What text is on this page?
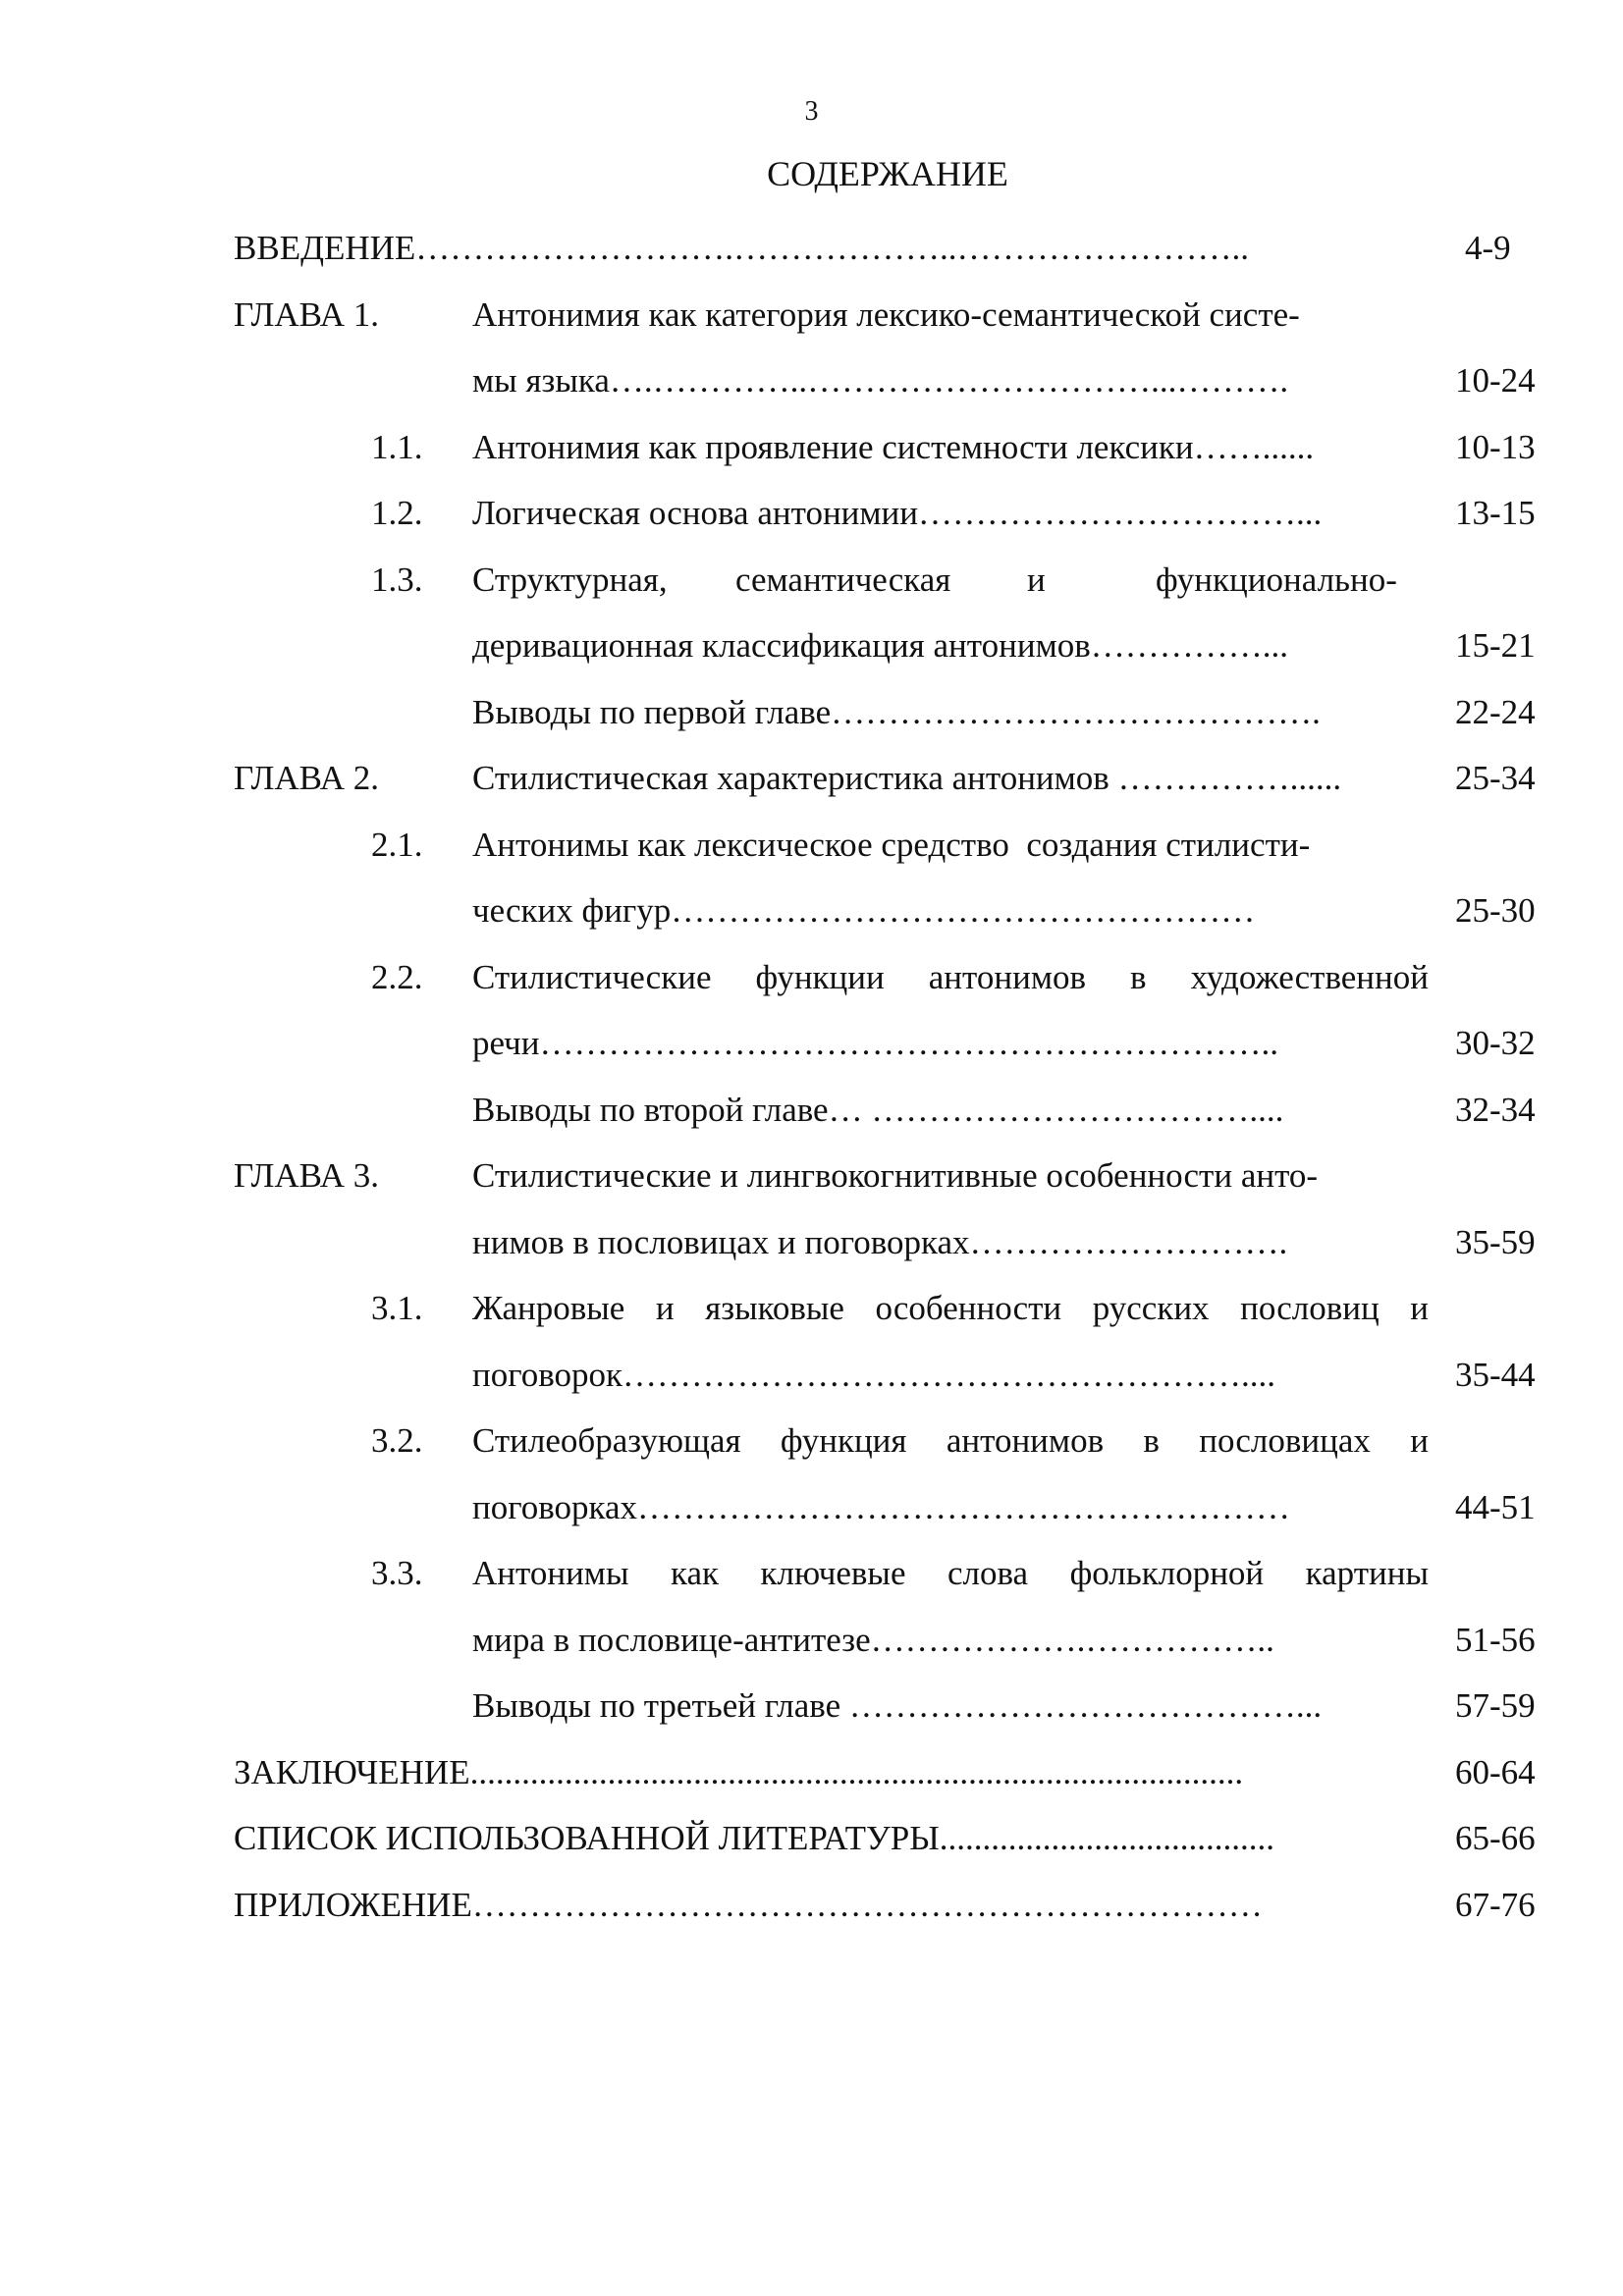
3
СОДЕРЖАНИЕ
ВВЕДЕНИЕ……………………….………………..……………………..	4-9
ГЛАВА 1.	Антонимия как категория лексико-семантической систе-
мы языка….…………..…………………………...……….	10-24
1.1. Антонимия как проявление системности лексики……......	10-13
1.2. Логическая основа антонимии……………………………...	13-15
1.3. Структурная, семантическая и	функционально-
деривационная классификация антонимов……………...	15-21
Выводы по первой главе…………………………………….	22-24
ГЛАВА 2.	Стилистическая характеристика антонимов ……………......	25-34
2.1. Антонимы как лексическое средство  создания стилисти-
ческих фигур……………………………………………	25-30
2.2. Стилистические функции антонимов в художественной
речи………………………………………………………..	30-32
Выводы по второй главе… ……………………………....	32-34
ГЛАВА 3.	Стилистические и лингвокогнитивные особенности анто-
нимов в пословицах и поговорках……………………….	35-59
3.1. Жанровые и языковые особенности русских пословиц и
поговорок………………………………………………....	35-44
3.2. Стилеобразующая функция антонимов в пословицах и
поговорках…………………………………………………	44-51
3.3. Антонимы как ключевые слова фольклорной картины
мира в пословице-антитезе……………….……………..	51-56
Выводы по третьей главе …………………………………...	57-59
ЗАКЛЮЧЕНИЕ..........................................................................................	60-64
СПИСОК ИСПОЛЬЗОВАННОЙ ЛИТЕРАТУРЫ.......................................	65-66
ПРИЛОЖЕНИЕ……………………………………………………………	67-76
